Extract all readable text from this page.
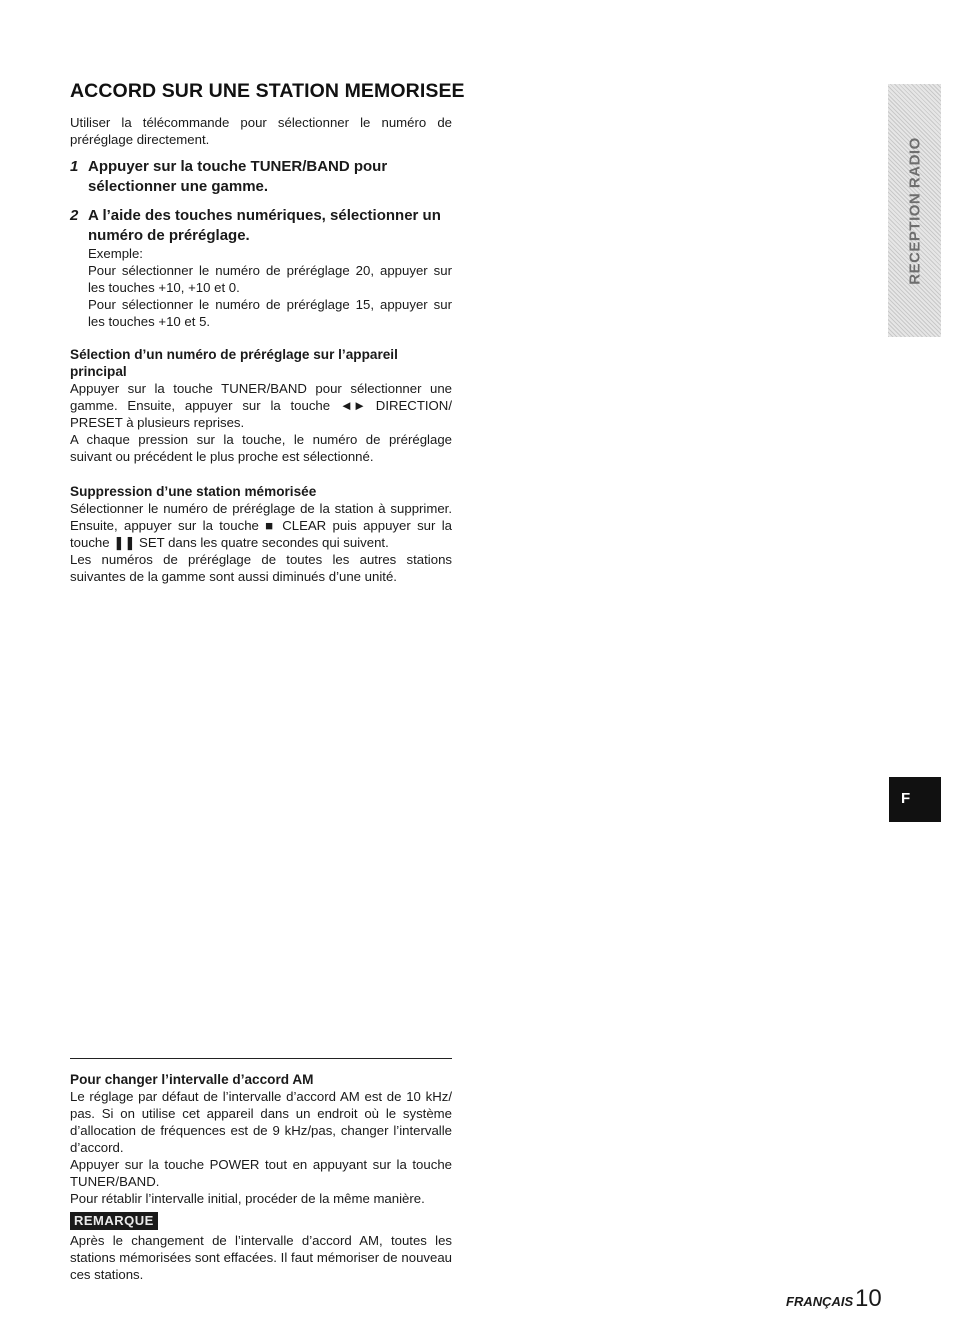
ACCORD SUR UNE STATION MEMORISEE

Utiliser la télécommande pour sélectionner le numéro de préréglage directement.

1 Appuyer sur la touche TUNER/BAND pour sélectionner une gamme.
2 A l’aide des touches numériques, sélectionner un numéro de préréglage.

Exemple:

Pour sélectionner le numéro de préréglage 20, appuyer sur les touches +10, +10 et 0.

Pour sélectionner le numéro de préréglage 15, appuyer sur les touches +10 et 5.

Sélection d’un numéro de préréglage sur l’appareil principal

Appuyer sur la touche TUNER/BAND pour sélectionner une gamme. Ensuite, appuyer sur la touche ◄► DIRECTION/ PRESET à plusieurs reprises.

A chaque pression sur la touche, le numéro de préréglage suivant ou précédent le plus proche est sélectionné.

Suppression d’une station mémorisée

Sélectionner le numéro de préréglage de la station à supprimer. Ensuite, appuyer sur la touche ■ CLEAR puis appuyer sur la touche ❚❚ SET dans les quatre secondes qui suivent.

Les numéros de préréglage de toutes les autres stations suivantes de la gamme sont aussi diminués d’une unité.

Pour changer l’intervalle d’accord AM

Le réglage par défaut de l’intervalle d’accord AM est de 10 kHz/ pas. Si on utilise cet appareil dans un endroit où le système d’allocation de fréquences est de 9 kHz/pas, changer l’intervalle d’accord.

Appuyer sur la touche POWER tout en appuyant sur la touche TUNER/BAND.

Pour rétablir l’intervalle initial, procéder de la même manière.

REMARQUE

Après le changement de l’intervalle d’accord AM, toutes les stations mémorisées sont effacées. Il faut mémoriser de nouveau ces stations.

RECEPTION RADIO
F
FRANÇAIS 10
